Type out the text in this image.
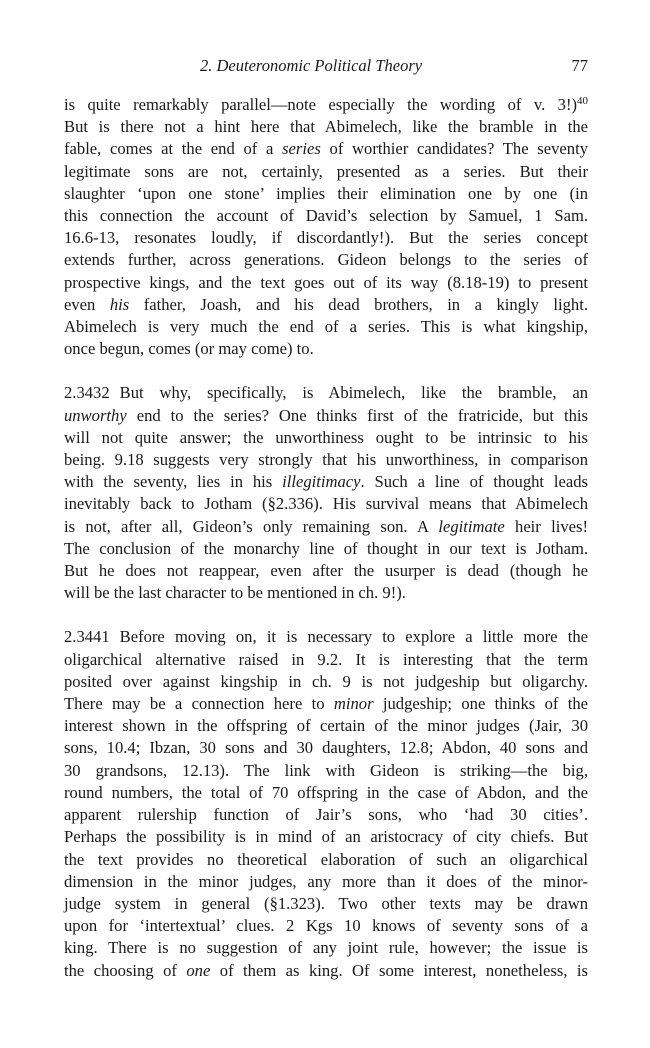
2. Deuteronomic Political Theory	77

is quite remarkably parallel—note especially the wording of v. 3!)$^{40}$
But is there not a hint here that Abimelech, like the bramble in the
fable, comes at the end of a series of worthier candidates? The seventy
legitimate sons are not, certainly, presented as a series. But their
slaughter ‘upon one stone’ implies their elimination one by one (in
this connection the account of David’s selection by Samuel, 1 Sam.
16.6-13, resonates loudly, if discordantly!). But the series concept
extends further, across generations. Gideon belongs to the series of
prospective kings, and the text goes out of its way (8.18-19) to present
even his father, Joash, and his dead brothers, in a kingly light.
Abimelech is very much the end of a series. This is what kingship,
once begun, comes (or may come) to.

2.3432 But why, specifically, is Abimelech, like the bramble, an
unworthy end to the series? One thinks first of the fratricide, but this
will not quite answer; the unworthiness ought to be intrinsic to his
being. 9.18 suggests very strongly that his unworthiness, in comparison
with the seventy, lies in his illegitimacy. Such a line of thought leads
inevitably back to Jotham (§2.336). His survival means that Abimelech
is not, after all, Gideon’s only remaining son. A legitimate heir lives!
The conclusion of the monarchy line of thought in our text is Jotham.
But he does not reappear, even after the usurper is dead (though he
will be the last character to be mentioned in ch. 9!).

2.3441 Before moving on, it is necessary to explore a little more the
oligarchical alternative raised in 9.2. It is interesting that the term
posited over against kingship in ch. 9 is not judgeship but oligarchy.
There may be a connection here to minor judgeship; one thinks of the
interest shown in the offspring of certain of the minor judges (Jair, 30
sons, 10.4; Ibzan, 30 sons and 30 daughters, 12.8; Abdon, 40 sons and
30 grandsons, 12.13). The link with Gideon is striking—the big,
round numbers, the total of 70 offspring in the case of Abdon, and the
apparent rulership function of Jair’s sons, who ‘had 30 cities’.
Perhaps the possibility is in mind of an aristocracy of city chiefs. But
the text provides no theoretical elaboration of such an oligarchical
dimension in the minor judges, any more than it does of the minor-
judge system in general (§1.323). Two other texts may be drawn
upon for ‘intertextual’ clues. 2 Kgs 10 knows of seventy sons of a
king. There is no suggestion of any joint rule, however; the issue is
the choosing of one of them as king. Of some interest, nonetheless, is
